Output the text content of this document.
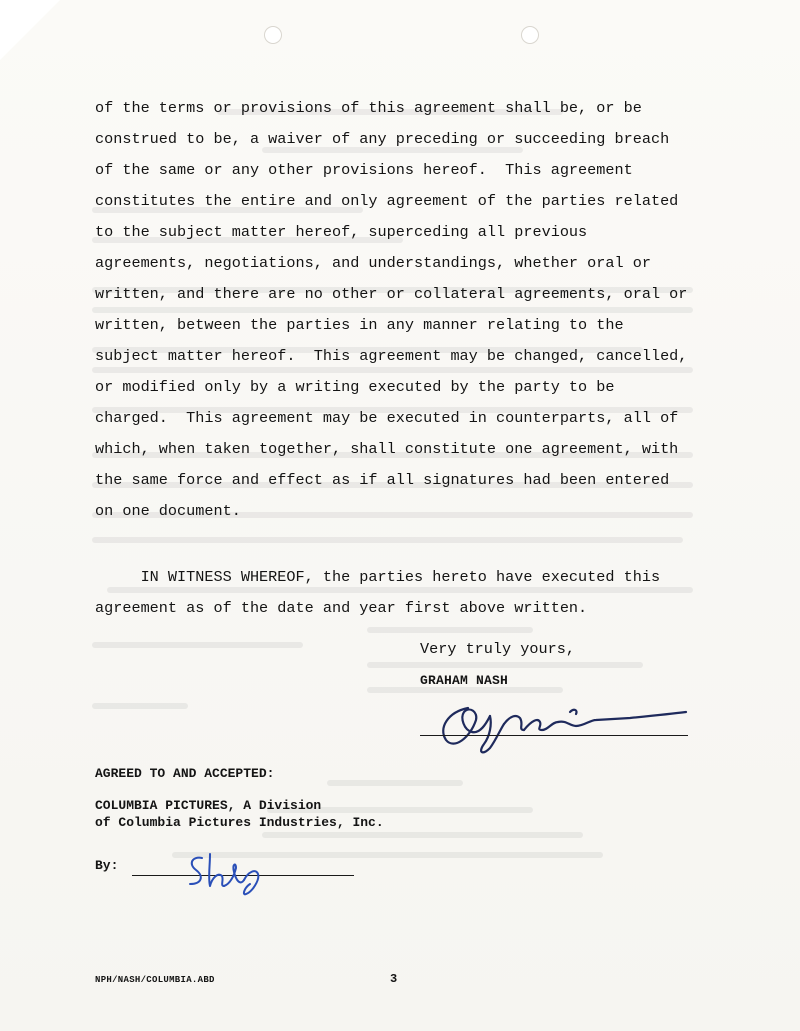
of the terms or provisions of this agreement shall be, or be
construed to be, a waiver of any preceding or succeeding breach
of the same or any other provisions hereof.  This agreement
constitutes the entire and only agreement of the parties related
to the subject matter hereof, superceding all previous
agreements, negotiations, and understandings, whether oral or
written, and there are no other or collateral agreements, oral or
written, between the parties in any manner relating to the
subject matter hereof.  This agreement may be changed, cancelled,
or modified only by a writing executed by the party to be
charged.  This agreement may be executed in counterparts, all of
which, when taken together, shall constitute one agreement, with
the same force and effect as if all signatures had been entered
on one document.
IN WITNESS WHEREOF, the parties hereto have executed this
agreement as of the date and year first above written.
Very truly yours,
GRAHAM NASH
AGREED TO AND ACCEPTED:
COLUMBIA PICTURES, A Division
of Columbia Pictures Industries, Inc.
By:
NPH/NASH/COLUMBIA.ABD	3
